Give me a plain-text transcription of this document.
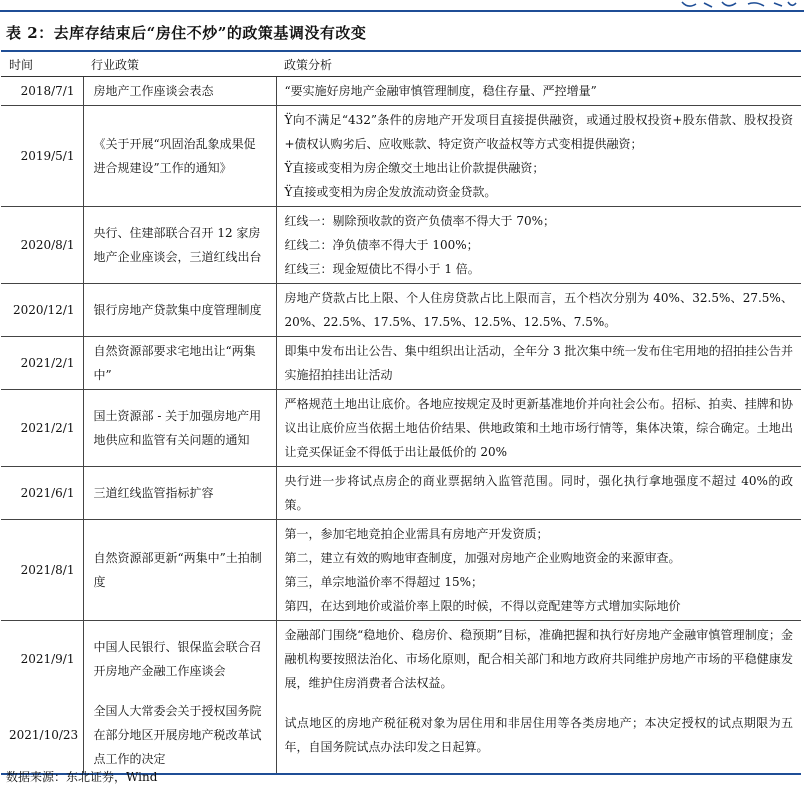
表 2：去库存结束后“房住不炒”的政策基调没有改变
时间	行业政策	政策分析
2018/7/1	房地产工作座谈会表态	“要实施好房地产金融审慎管理制度，稳住存量、严控增量”

2019/5/1	《关于开展“巩固治乱象成果促进合规建设”工作的通知》	Ÿ向不满足“432”条件的房地产开发项目直接提供融资，或通过股权投资+股东借款、股权投资+债权认购劣后、应收账款、特定资产收益权等方式变相提供融资；
Ÿ直接或变相为房企缴交土地出让价款提供融资；
Ÿ直接或变相为房企发放流动资金贷款。

2020/8/1	央行、住建部联合召开 12 家房地产企业座谈会，三道红线出台	红线一：剔除预收款的资产负债率不得大于 70%；
红线二：净负债率不得大于 100%；
红线三：现金短债比不得小于 1 倍。

2020/12/1	银行房地产贷款集中度管理制度	房地产贷款占比上限、个人住房贷款占比上限而言，五个档次分别为 40%、32.5%、27.5%、20%、22.5%、17.5%、17.5%、12.5%、12.5%、7.5%。

2021/2/1	自然资源部要求宅地出让“两集中”	即集中发布出让公告、集中组织出让活动，全年分 3 批次集中统一发布住宅用地的招拍挂公告并实施招拍挂出让活动

2021/2/1	国土资源部 - 关于加强房地产用地供应和监管有关问题的通知	严格规范土地出让底价。各地应按规定及时更新基准地价并向社会公布。招标、拍卖、挂牌和协议出让底价应当依据土地估价结果、供地政策和土地市场行情等，集体决策，综合确定。土地出让竞买保证金不得低于出让最低价的 20%

2021/6/1	三道红线监管指标扩容	央行进一步将试点房企的商业票据纳入监管范围。同时，强化执行拿地强度不超过 40%的政策。

2021/8/1	自然资源部更新“两集中”土拍制度	第一，参加宅地竞拍企业需具有房地产开发资质；
第二，建立有效的购地审查制度，加强对房地产企业购地资金的来源审查。
第三，单宗地溢价率不得超过 15%；
第四，在达到地价或溢价率上限的时候，不得以竞配建等方式增加实际地价

2021/9/1	中国人民银行、银保监会联合召开房地产金融工作座谈会	金融部门围绕“稳地价、稳房价、稳预期”目标，准确把握和执行好房地产金融审慎管理制度；金融机构要按照法治化、市场化原则，配合相关部门和地方政府共同维护房地产市场的平稳健康发展，维护住房消费者合法权益。

2021/10/23	全国人大常委会关于授权国务院在部分地区开展房地产税改革试点工作的决定	试点地区的房地产税征税对象为居住用和非居住用等各类房地产；本决定授权的试点期限为五年，自国务院试点办法印发之日起算。
数据来源：东北证券，Wind
